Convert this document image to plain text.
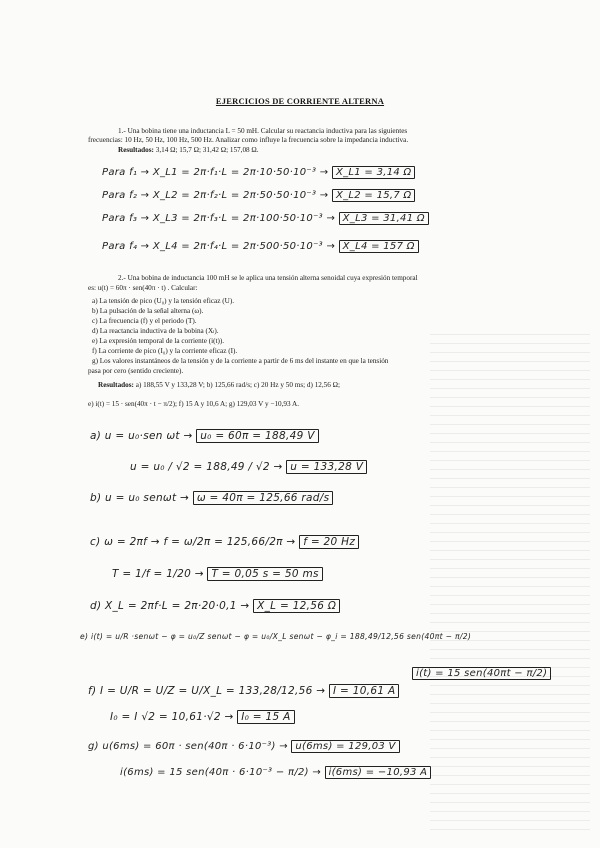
EJERCICIOS DE CORRIENTE ALTERNA
1.- Una bobina tiene una inductancia L = 50 mH. Calcular su reactancia inductiva para las siguientes
frecuencias: 10 Hz, 50 Hz, 100 Hz, 500 Hz. Analizar como influye la frecuencia sobre la impedancia inductiva.
Resultados: 3,14 Ω; 15,7 Ω; 31,42 Ω; 157,08 Ω.
Para f₁ → X_L1 = 2π·f₁·L = 2π·10·50·10⁻³ → X_L1 = 3,14 Ω
Para f₂ → X_L2 = 2π·f₂·L = 2π·50·50·10⁻³ → X_L2 = 15,7 Ω
Para f₃ → X_L3 = 2π·f₃·L = 2π·100·50·10⁻³ → X_L3 = 31,41 Ω
Para f₄ → X_L4 = 2π·f₄·L = 2π·500·50·10⁻³ → X_L4 = 157 Ω
2.- Una bobina de inductancia 100 mH se le aplica una tensión alterna senoidal cuya expresión temporal
es: u(t) = 60π · sen(40π · t) . Calcular:
a) La tensión de pico (U₀) y la tensión eficaz (U).
b) La pulsación de la señal alterna (ω).
c) La frecuencia (f) y el periodo (T).
d) La reactancia inductiva de la bobina (Xₗ).
e) La expresión temporal de la corriente (i(t)).
f) La corriente de pico (I₀) y la corriente eficaz (I).
g) Los valores instantáneos de la tensión y de la corriente a partir de 6 ms del instante en que la tensión
pasa por cero (sentido creciente).
Resultados: a) 188,55 V y 133,28 V; b) 125,66 rad/s; c) 20 Hz y 50 ms; d) 12,56 Ω;
e) i(t) = 15 · sen(40π · t − π/2); f) 15 A y 10,6 A; g) 129,03 V y −10,93 A.
a) u = u₀·sen ωt → u₀ = 60π = 188,49 V
u = u₀ / √2 = 188,49 / √2 → u = 133,28 V
b) u = u₀ senωt → ω = 40π = 125,66 rad/s
c) ω = 2πf → f = ω/2π = 125,66/2π → f = 20 Hz
T = 1/f = 1/20 → T = 0,05 s = 50 ms
d) X_L = 2πf·L = 2π·20·0,1 → X_L = 12,56 Ω
e) i(t) = u/R ·senωt − φ = u₀/Z senωt − φ = u₀/X_L senωt − φ_i = 188,49/12,56 sen(40πt − π/2)
i(t) = 15 sen(40πt − π/2)
f) I = U/R = U/Z = U/X_L = 133,28/12,56 → I = 10,61 A
I₀ = I √2 = 10,61·√2 → I₀ = 15 A
g) u(6ms) = 60π · sen(40π · 6·10⁻³) → u(6ms) = 129,03 V
i(6ms) = 15 sen(40π · 6·10⁻³ − π/2) → i(6ms) = −10,93 A
